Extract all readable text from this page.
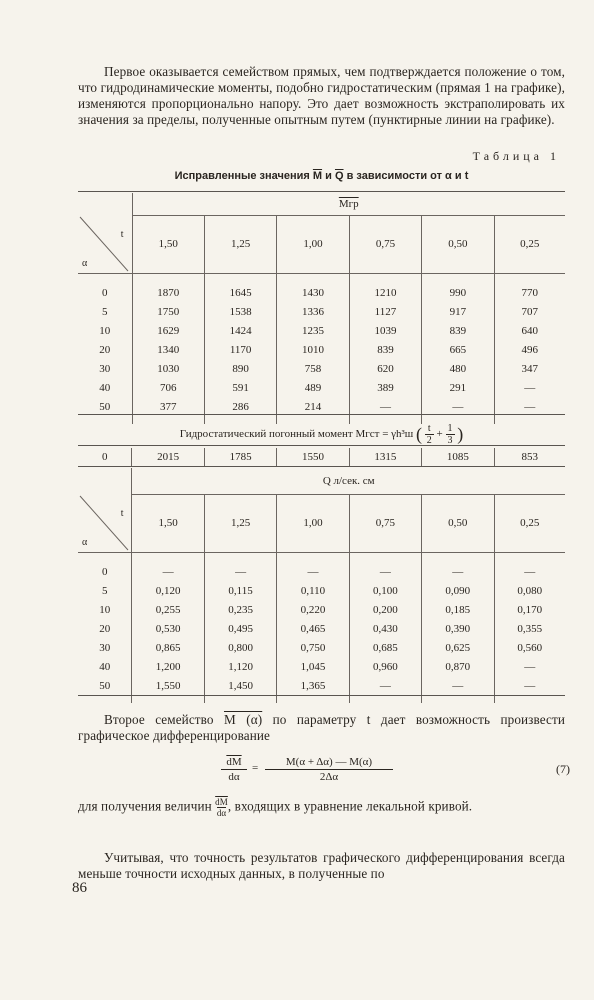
Первое оказывается семейством прямых, чем подтверждается положение о том, что гидродинамические моменты, подобно гидростатическим (прямая 1 на графике), изменяются пропорционально напору. Это дает возможность экстраполировать их значения за пределы, полученные опытным путем (пунктирные линии на графике).
Таблица 1
Исправленные значения $\overline{M}$ и $\overline{Q}$ в зависимости от α и t
	Mгр					

t
α	1,50	1,25	1,00	0,75	0,50	0,25

0	1870	1645	1430	1210	990	770
5	1750	1538	1336	1127	917	707
10	1629	1424	1235	1039	839	640
20	1340	1170	1010	839	665	496
30	1030	890	758	620	480	347
40	706	591	489	389	291	—
50	377	286	214	—	—	—

Гидростатический погонный момент Mгст = γh³ш ( $\frac{t}{2} + \frac{1}{3}$ )
0	2015	1785	1550	1315	1085	853
	Q л/сек. см					

t
α	1,50	1,25	1,00	0,75	0,50	0,25

0	—	—	—	—	—	—
5	0,120	0,115	0,110	0,100	0,090	0,080
10	0,255	0,235	0,220	0,200	0,185	0,170
20	0,530	0,495	0,465	0,430	0,390	0,355
30	0,865	0,800	0,750	0,685	0,625	0,560
40	1,200	1,120	1,045	0,960	0,870	—
50	1,550	1,450	1,365	—	—	—

Второе семейство M (α) по параметру t дает возможность произвести графическое дифференцирование
$\frac{\overline{dM}}{d\alpha} = \frac{M(\alpha + \Delta\alpha) — M(\alpha)}{2\Delta\alpha}$	(7)
для получения величин $\frac{\overline{dM}}{d\alpha}$, входящих в уравнение лекальной кривой.
Учитывая, что точность результатов графического дифференцирования всегда меньше точности исходных данных, в полученные по
86
